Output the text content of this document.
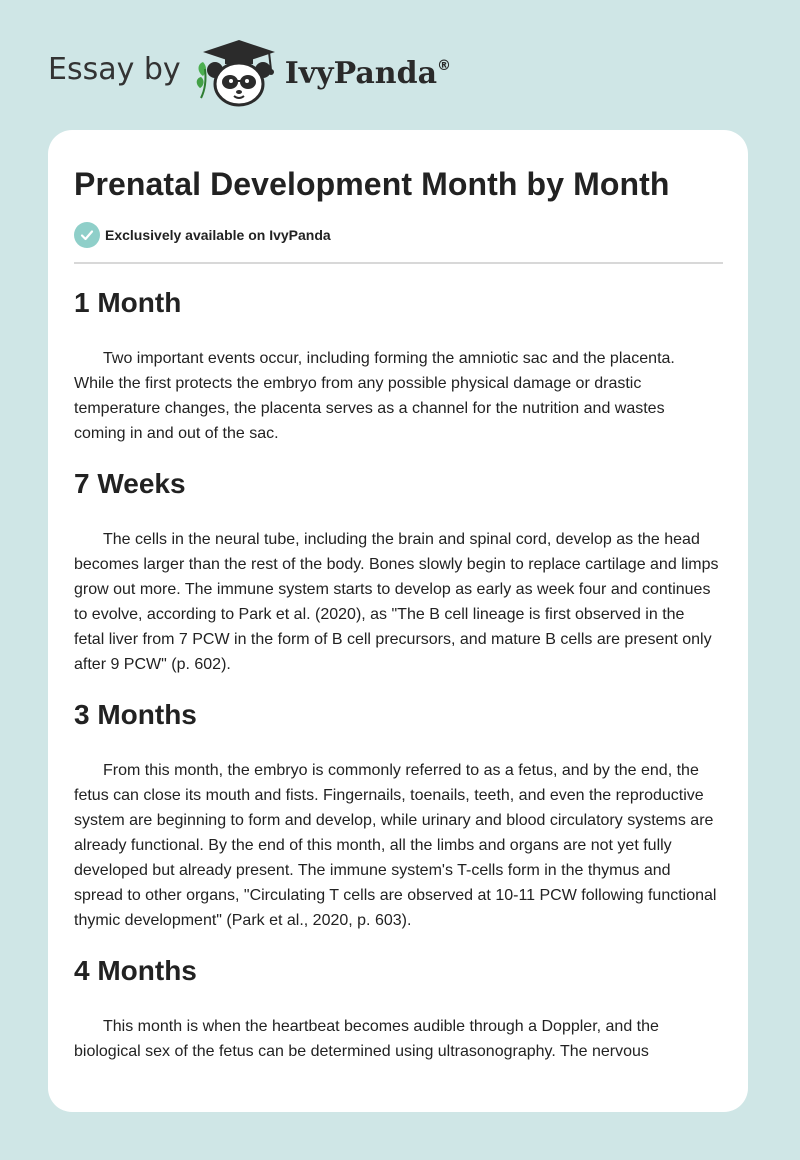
Essay by	IvyPanda®
Prenatal Development Month by Month
Exclusively available on IvyPanda
1 Month

Two important events occur, including forming the amniotic sac and the placenta. While the first protects the embryo from any possible physical damage or drastic temperature changes, the placenta serves as a channel for the nutrition and wastes coming in and out of the sac.

7 Weeks

The cells in the neural tube, including the brain and spinal cord, develop as the head becomes larger than the rest of the body. Bones slowly begin to replace cartilage and limps grow out more. The immune system starts to develop as early as week four and continues to evolve, according to Park et al. (2020), as "The B cell lineage is first observed in the fetal liver from 7 PCW in the form of B cell precursors, and mature B cells are present only after 9 PCW" (p. 602).

3 Months

From this month, the embryo is commonly referred to as a fetus, and by the end, the fetus can close its mouth and fists. Fingernails, toenails, teeth, and even the reproductive system are beginning to form and develop, while urinary and blood circulatory systems are already functional. By the end of this month, all the limbs and organs are not yet fully developed but already present. The immune system's T-cells form in the thymus and spread to other organs, "Circulating T cells are observed at 10-11 PCW following functional thymic development" (Park et al., 2020, p. 603).

4 Months

This month is when the heartbeat becomes audible through a Doppler, and the biological sex of the fetus can be determined using ultrasonography. The nervous
